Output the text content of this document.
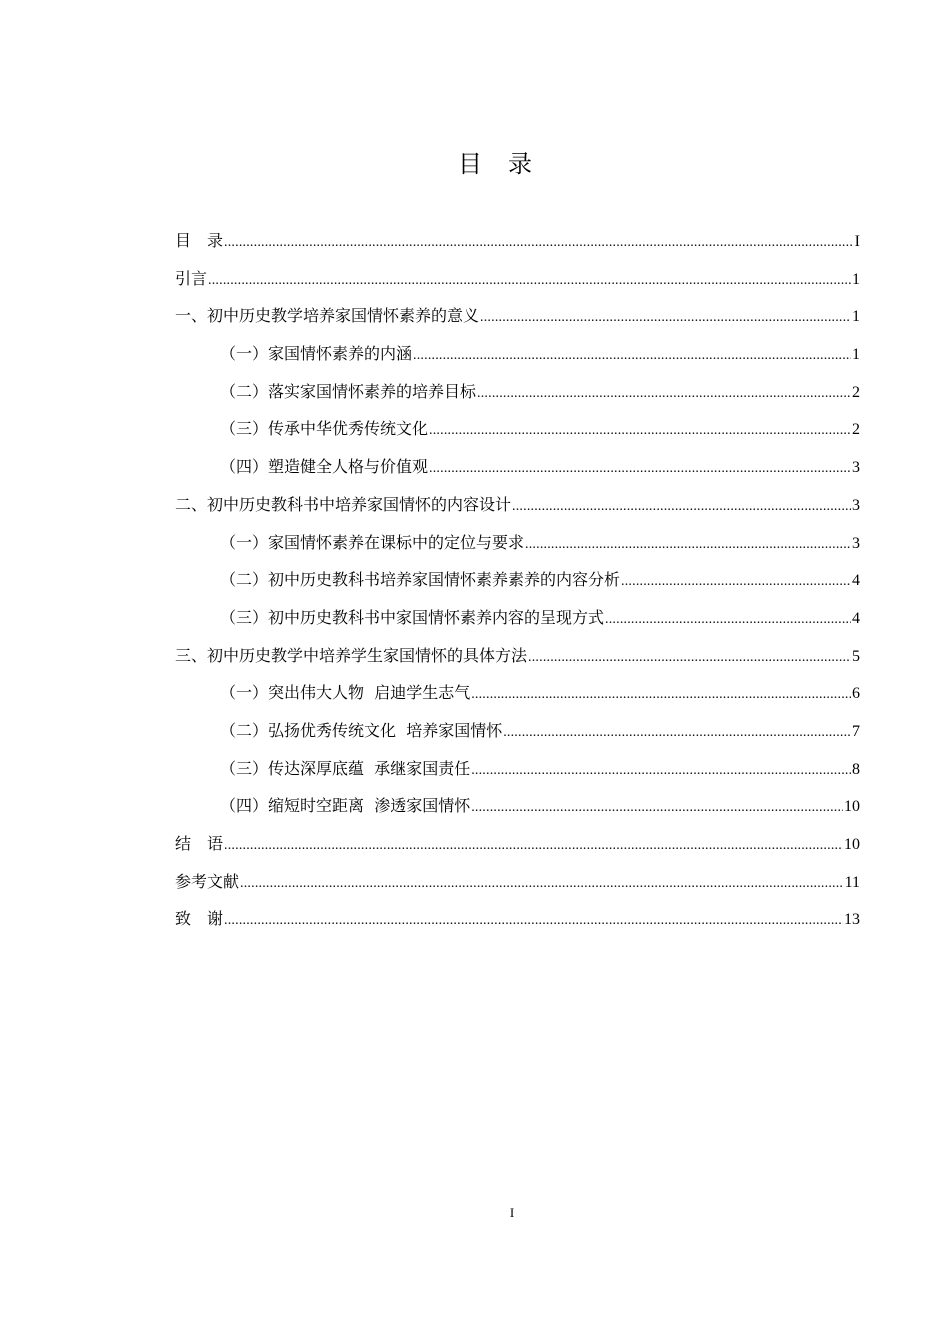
目录
目　录 .....	I
引言 .....	1
一、 初中历史教学培养家国情怀素养的意义 .....	1
（一） 家国情怀素养的内涵 .....	1
（二） 落实家国情怀素养的培养目标 .....	2
（三） 传承中华优秀传统文化 .....	2
（四） 塑造健全人格与价值观 .....	3
二、 初中历史教科书中培养家国情怀的内容设计 .....	3
（一） 家国情怀素养在课标中的定位与要求 .....	3
（二） 初中历史教科书培养家国情怀素养素养的内容分析 .....	4
（三） 初中历史教科书中家国情怀素养内容的呈现方式 .....	4
三、 初中历史教学中培养学生家国情怀的具体方法 .....	5
（一） 突出伟大人物  启迪学生志气 .....	6
（二） 弘扬优秀传统文化  培养家国情怀 .....	7
（三） 传达深厚底蕴  承继家国责任 .....	8
（四） 缩短时空距离  渗透家国情怀 .....	10
结　语 .....	10
参考文献 .....	11
致　谢 .....	13
I
